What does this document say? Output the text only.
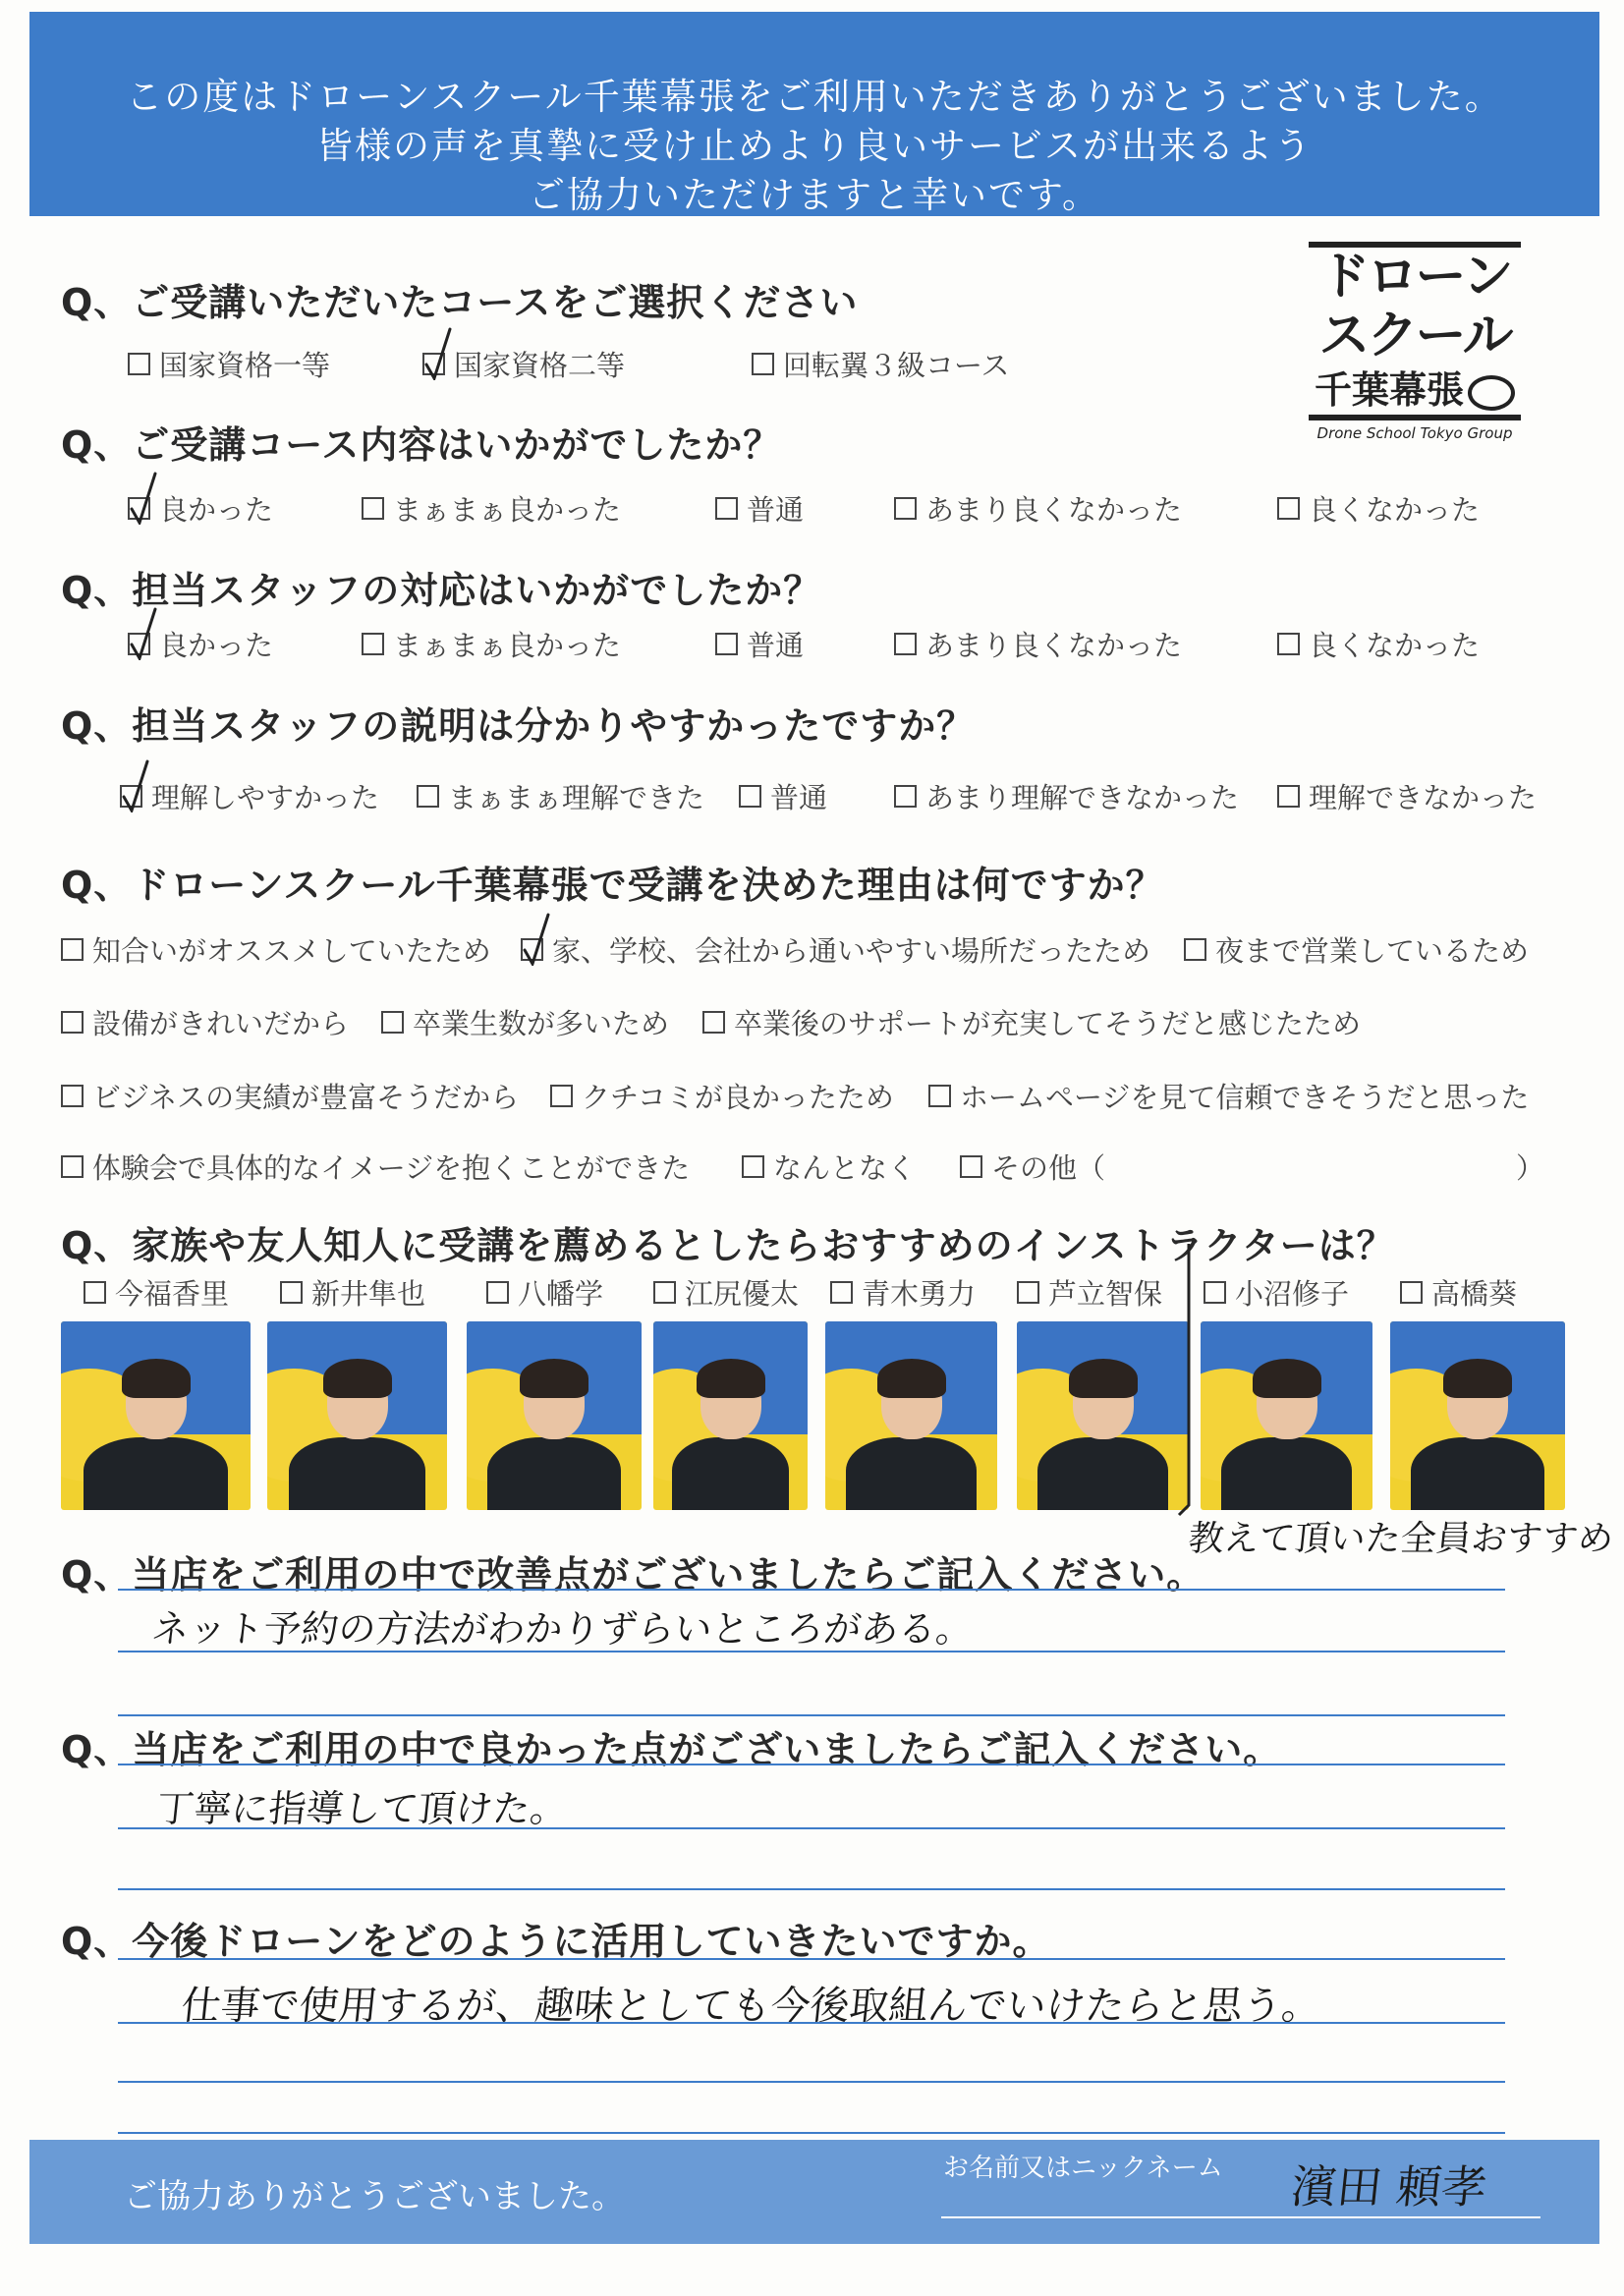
この度はドローンスクール千葉幕張をご利用いただきありがとうございました。
皆様の声を真摯に受け止めより良いサービスが出来るよう
ご協力いただけますと幸いです。
ドローン
スクール
千葉幕張
Drone School Tokyo Group
Q、ご受講いただいたコースをご選択ください
Q、ご受講コース内容はいかがでしたか？
Q、担当スタッフの対応はいかがでしたか？
Q、担当スタッフの説明は分かりやすかったですか？
Q、ドローンスクール千葉幕張で受講を決めた理由は何ですか？
Q、家族や友人知人に受講を薦めるとしたらおすすめのインストラクターは？
国家資格一等	国家資格二等	回転翼３級コース
良かった	まぁまぁ良かった	普通	あまり良くなかった	良くなかった
良かった	まぁまぁ良かった	普通	あまり良くなかった	良くなかった
理解しやすかった まぁまぁ理解できた 普通	あまり理解できなかった 理解できなかった
知合いがオススメしていたため 家、学校、会社から通いやすい場所だったため 夜まで営業しているため
設備がきれいだから 卒業生数が多いため 卒業後のサポートが充実してそうだと感じたため
ビジネスの実績が豊富そうだから クチコミが良かったため ホームページを見て信頼できそうだと思った
体験会で具体的なイメージを抱くことができた	なんとなく	その他（	）
今福香里	新井隼也	八幡学	江尻優太 青木勇力	芦立智保	小沼修子	高橋葵
教えて頂いた全員おすすめ
Q、当店をご利用の中で改善点がございましたらご記入ください。
ネット予約の方法がわかりずらいところがある。
Q、当店をご利用の中で良かった点がございましたらご記入ください。
丁寧に指導して頂けた。
Q、今後ドローンをどのように活用していきたいですか。
仕事で使用するが、趣味としても今後取組んでいけたらと思う。
ご協力ありがとうございました。
お名前又はニックネーム 濱田 頼孝
